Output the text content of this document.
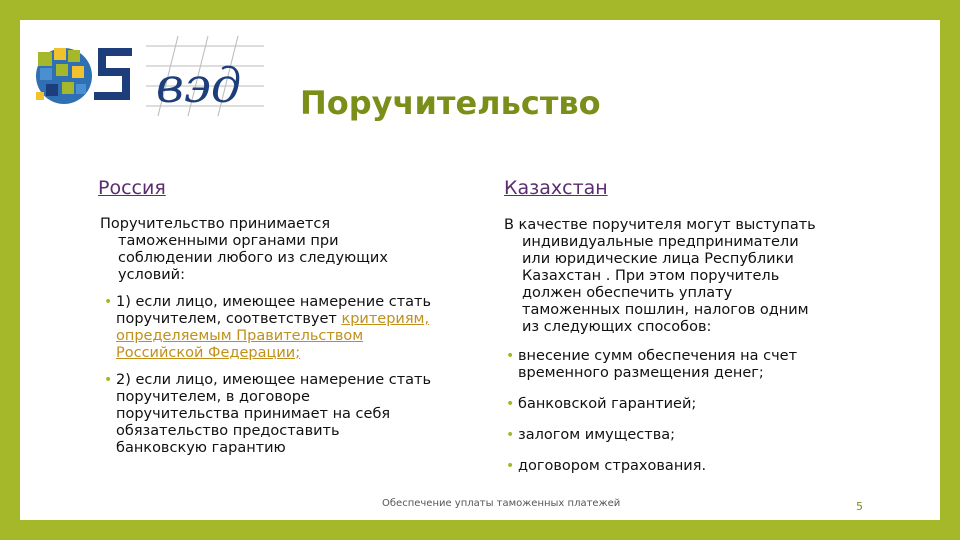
вэд Поручительство
Россия	Казахстан
Поручительство принимается
таможенными органами при
соблюдении любого из следующих
условий:
• 1) если лицо, имеющее намерение стать
поручителем, соответствует критериям,
определяемым Правительством
Российской Федерации;
• 2) если лицо, имеющее намерение стать
поручителем, в договоре
поручительства принимает на себя
обязательство предоставить
банковскую гарантию
В качестве поручителя могут выступать
индивидуальные предприниматели
или юридические лица Республики
Казахстан . При этом поручитель
должен обеспечить уплату
таможенных пошлин, налогов одним
из следующих способов:
• внесение сумм обеспечения на счет
временного размещения денег;
• банковской гарантией;
• залогом имущества;
• договором страхования.
Обеспечение уплаты таможенных платежей	5
